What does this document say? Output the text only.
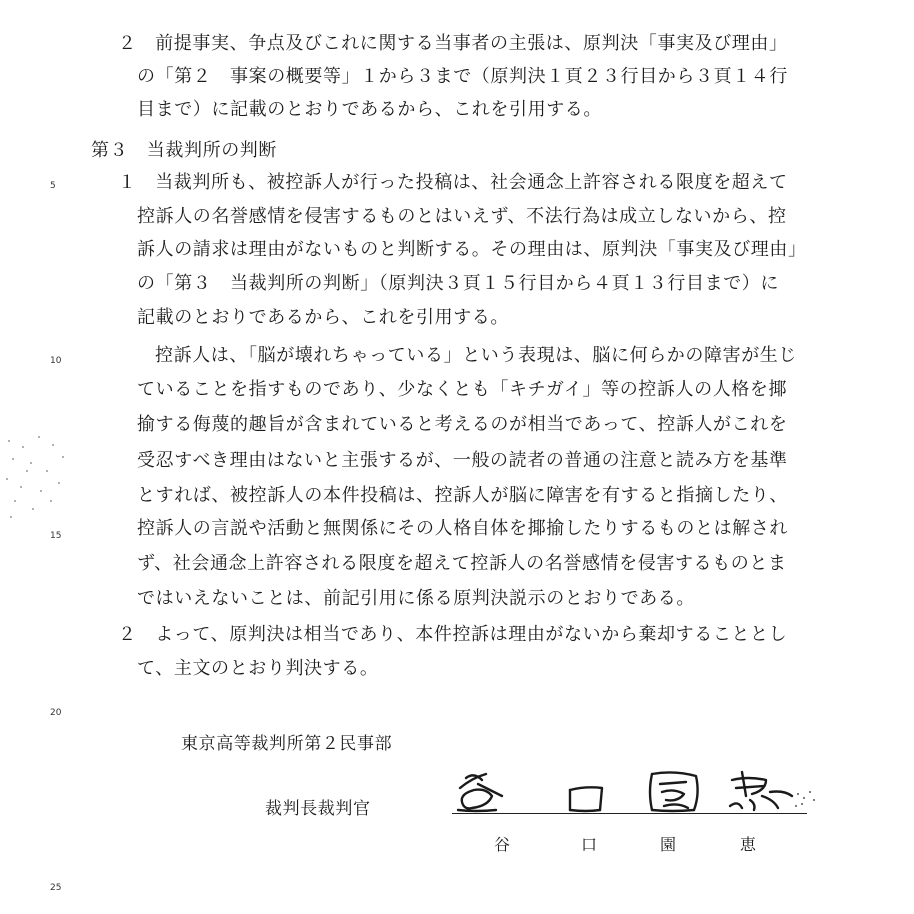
２　前提事実、争点及びこれに関する当事者の主張は、原判決「事実及び理由」
の「第２　事案の概要等」１から３まで（原判決１頁２３行目から３頁１４行
目まで）に記載のとおりであるから、これを引用する。
第３　当裁判所の判断
１　当裁判所も、被控訴人が行った投稿は、社会通念上許容される限度を超えて
控訴人の名誉感情を侵害するものとはいえず、不法行為は成立しないから、控
訴人の請求は理由がないものと判断する。その理由は、原判決「事実及び理由」
の「第３　当裁判所の判断」（原判決３頁１５行目から４頁１３行目まで）に
記載のとおりであるから、これを引用する。
控訴人は、「脳が壊れちゃっている」という表現は、脳に何らかの障害が生じ
ていることを指すものであり、少なくとも「キチガイ」等の控訴人の人格を揶
揄する侮蔑的趣旨が含まれていると考えるのが相当であって、控訴人がこれを
受忍すべき理由はないと主張するが、一般の読者の普通の注意と読み方を基準
とすれば、被控訴人の本件投稿は、控訴人が脳に障害を有すると指摘したり、
控訴人の言説や活動と無関係にその人格自体を揶揄したりするものとは解され
ず、社会通念上許容される限度を超えて控訴人の名誉感情を侵害するものとま
ではいえないことは、前記引用に係る原判決説示のとおりである。
２　よって、原判決は相当であり、本件控訴は理由がないから棄却することとし
て、主文のとおり判決する。
5
10
15
20
25
東京高等裁判所第２民事部
裁判長裁判官
谷	口	園	恵
